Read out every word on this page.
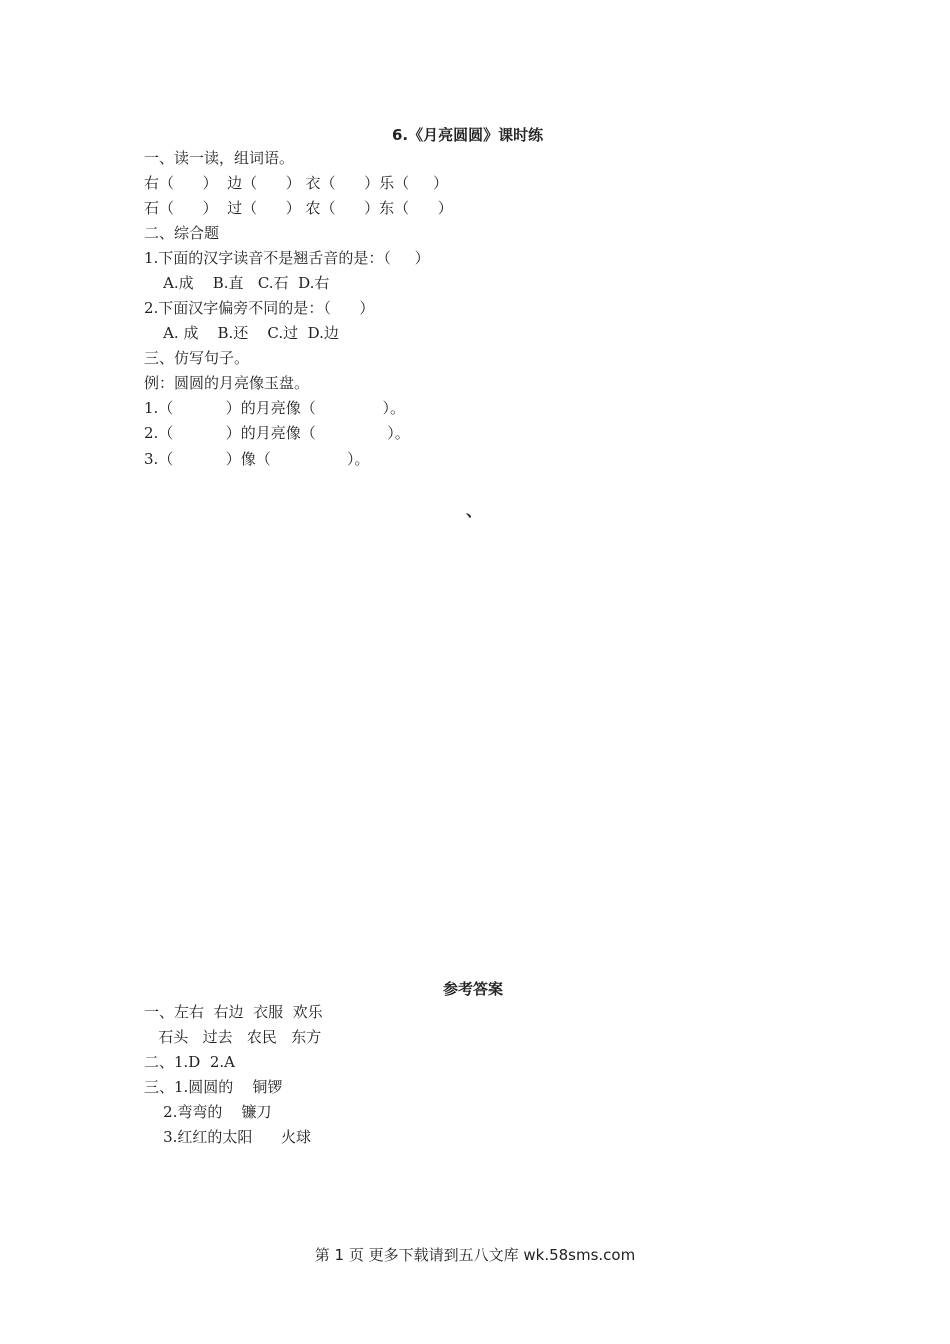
6.《月亮圆圆》课时练
一、读一读，组词语。
右（      ）  边（      ） 衣（      ）乐（     ）
石（      ）  过（      ） 农（      ）东（      ）
二、综合题
1.下面的汉字读音不是翘舌音的是：（     ）
A.成    B.直   C.石  D.右
2.下面汉字偏旁不同的是：（      ）
A. 成    B.还    C.过  D.边
三、仿写句子。
例：圆圆的月亮像玉盘。
1.（           ）的月亮像（              ）。
2.（           ）的月亮像（               ）。
3.（           ）像（                ）。
、
参考答案
一、左右  右边  衣服  欢乐
石头   过去   农民   东方
二、1.D  2.A
三、1.圆圆的    铜锣
2.弯弯的    镰刀
3.红红的太阳      火球
第 1 页 更多下载请到五八文库 wk.58sms.com
